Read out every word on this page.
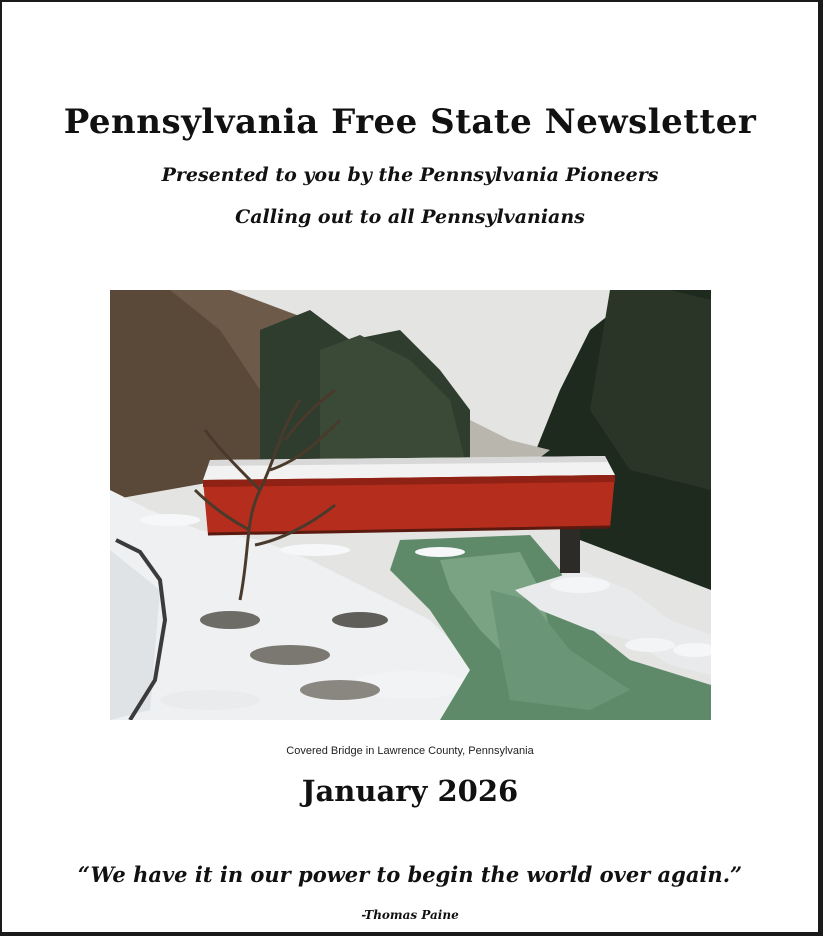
Pennsylvania Free State Newsletter
Presented to you by the Pennsylvania Pioneers
Calling out to all Pennsylvanians
Covered Bridge in Lawrence County, Pennsylvania
January 2026
“We have it in our power to begin the world over again.”
-Thomas Paine
